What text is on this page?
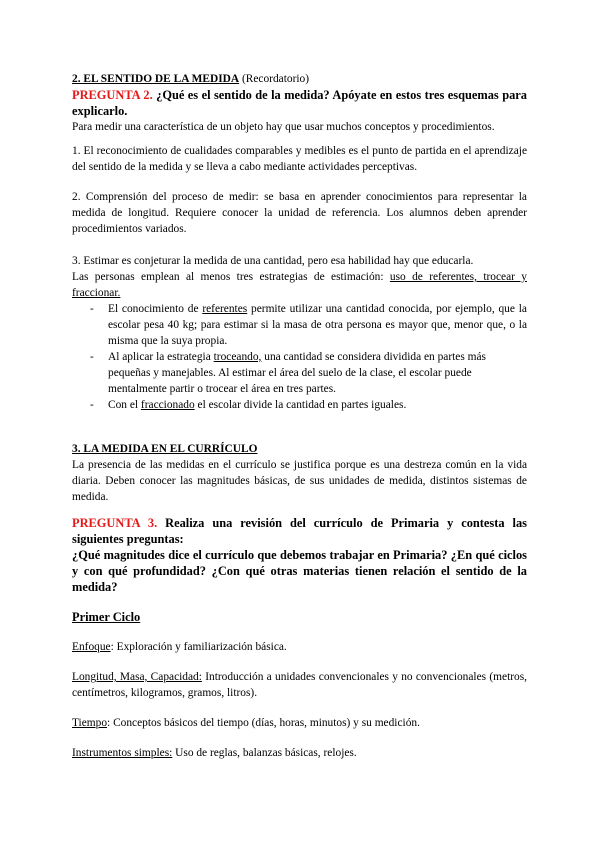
2. EL SENTIDO DE LA MEDIDA (Recordatorio)

PREGUNTA 2. ¿Qué es el sentido de la medida? Apóyate en estos tres esquemas para explicarlo.

Para medir una característica de un objeto hay que usar muchos conceptos y procedimientos.

1. El reconocimiento de cualidades comparables y medibles es el punto de partida en el aprendizaje del sentido de la medida y se lleva a cabo mediante actividades perceptivas.

2. Comprensión del proceso de medir: se basa en aprender conocimientos para representar la medida de longitud. Requiere conocer la unidad de referencia. Los alumnos deben aprender procedimientos variados.

3. Estimar es conjeturar la medida de una cantidad, pero esa habilidad hay que educarla.

Las personas emplean al menos tres estrategias de estimación: uso de referentes, trocear y fraccionar.

- El conocimiento de referentes permite utilizar una cantidad conocida, por ejemplo, que la escolar pesa 40 kg; para estimar si la masa de otra persona es mayor que, menor que, o la misma que la suya propia.
- Al aplicar la estrategia troceando, una cantidad se considera dividida en partes más pequeñas y manejables. Al estimar el área del suelo de la clase, el escolar puede mentalmente partir o trocear el área en tres partes.
- Con el fraccionado el escolar divide la cantidad en partes iguales.

3. LA MEDIDA EN EL CURRÍCULO

La presencia de las medidas en el currículo se justifica porque es una destreza común en la vida diaria. Deben conocer las magnitudes básicas, de sus unidades de medida, distintos sistemas de medida.

PREGUNTA 3. Realiza una revisión del currículo de Primaria y contesta las siguientes preguntas:

¿Qué magnitudes dice el currículo que debemos trabajar en Primaria? ¿En qué ciclos y con qué profundidad? ¿Con qué otras materias tienen relación el sentido de la medida?

Primer Ciclo

Enfoque: Exploración y familiarización básica.

Longitud, Masa, Capacidad: Introducción a unidades convencionales y no convencionales (metros, centímetros, kilogramos, gramos, litros).

Tiempo: Conceptos básicos del tiempo (días, horas, minutos) y su medición.

Instrumentos simples: Uso de reglas, balanzas básicas, relojes.
